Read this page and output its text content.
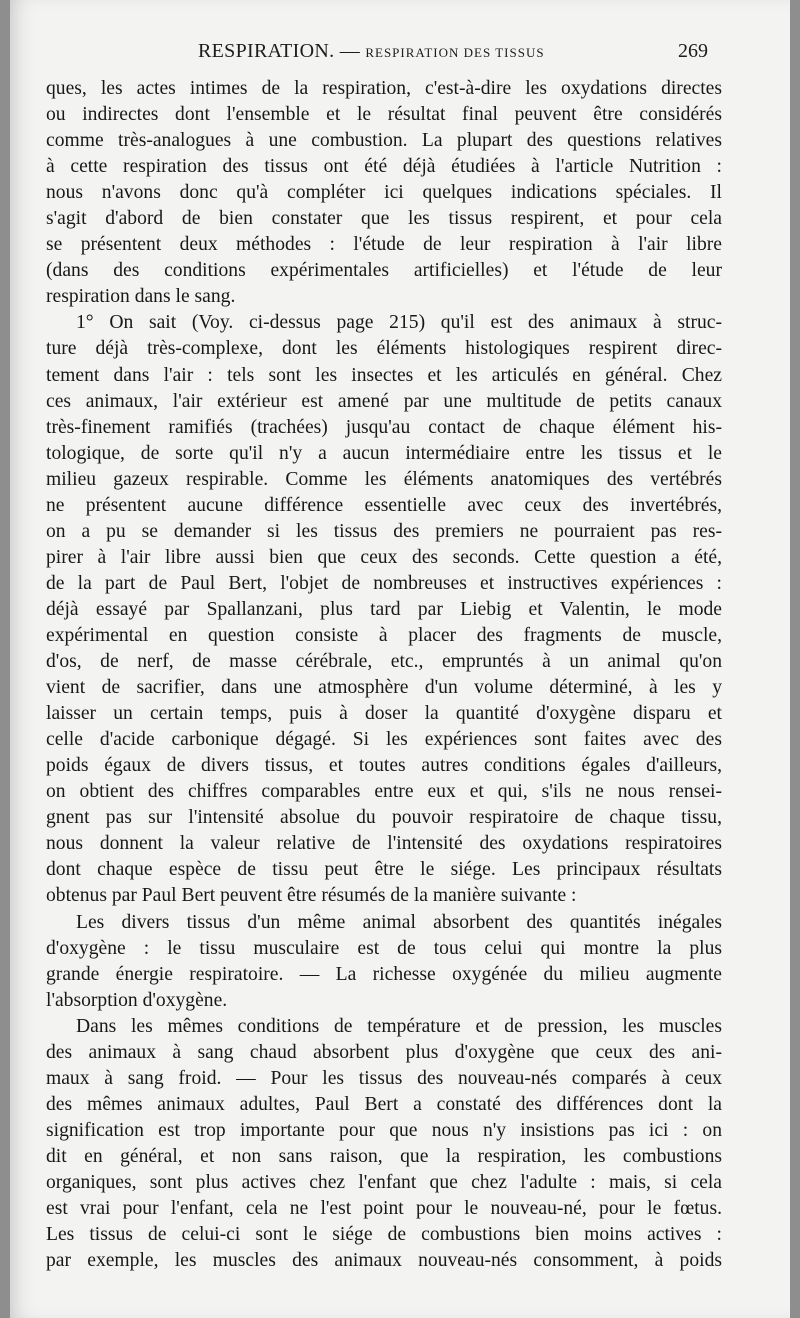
RESPIRATION. — RESPIRATION DES TISSUS	269
ques, les actes intimes de la respiration, c'est-à-dire les oxydations directes
ou indirectes dont l'ensemble et le résultat final peuvent être considérés
comme très-analogues à une combustion. La plupart des questions relatives
à cette respiration des tissus ont été déjà étudiées à l'article Nutrition :
nous n'avons donc qu'à compléter ici quelques indications spéciales. Il
s'agit d'abord de bien constater que les tissus respirent, et pour cela
se présentent deux méthodes : l'étude de leur respiration à l'air libre
(dans des conditions expérimentales artificielles) et l'étude de leur
respiration dans le sang.
1° On sait (Voy. ci-dessus page 215) qu'il est des animaux à struc-
ture déjà très-complexe, dont les éléments histologiques respirent direc-
tement dans l'air : tels sont les insectes et les articulés en général. Chez
ces animaux, l'air extérieur est amené par une multitude de petits canaux
très-finement ramifiés (trachées) jusqu'au contact de chaque élément his-
tologique, de sorte qu'il n'y a aucun intermédiaire entre les tissus et le
milieu gazeux respirable. Comme les éléments anatomiques des vertébrés
ne présentent aucune différence essentielle avec ceux des invertébrés,
on a pu se demander si les tissus des premiers ne pourraient pas res-
pirer à l'air libre aussi bien que ceux des seconds. Cette question a été,
de la part de Paul Bert, l'objet de nombreuses et instructives expériences :
déjà essayé par Spallanzani, plus tard par Liebig et Valentin, le mode
expérimental en question consiste à placer des fragments de muscle,
d'os, de nerf, de masse cérébrale, etc., empruntés à un animal qu'on
vient de sacrifier, dans une atmosphère d'un volume déterminé, à les y
laisser un certain temps, puis à doser la quantité d'oxygène disparu et
celle d'acide carbonique dégagé. Si les expériences sont faites avec des
poids égaux de divers tissus, et toutes autres conditions égales d'ailleurs,
on obtient des chiffres comparables entre eux et qui, s'ils ne nous rensei-
gnent pas sur l'intensité absolue du pouvoir respiratoire de chaque tissu,
nous donnent la valeur relative de l'intensité des oxydations respiratoires
dont chaque espèce de tissu peut être le siége. Les principaux résultats
obtenus par Paul Bert peuvent être résumés de la manière suivante :
Les divers tissus d'un même animal absorbent des quantités inégales
d'oxygène : le tissu musculaire est de tous celui qui montre la plus
grande énergie respiratoire. — La richesse oxygénée du milieu augmente
l'absorption d'oxygène.
Dans les mêmes conditions de température et de pression, les muscles
des animaux à sang chaud absorbent plus d'oxygène que ceux des ani-
maux à sang froid. — Pour les tissus des nouveau-nés comparés à ceux
des mêmes animaux adultes, Paul Bert a constaté des différences dont la
signification est trop importante pour que nous n'y insistions pas ici : on
dit en général, et non sans raison, que la respiration, les combustions
organiques, sont plus actives chez l'enfant que chez l'adulte : mais, si cela
est vrai pour l'enfant, cela ne l'est point pour le nouveau-né, pour le fœtus.
Les tissus de celui-ci sont le siége de combustions bien moins actives :
par exemple, les muscles des animaux nouveau-nés consomment, à poids
